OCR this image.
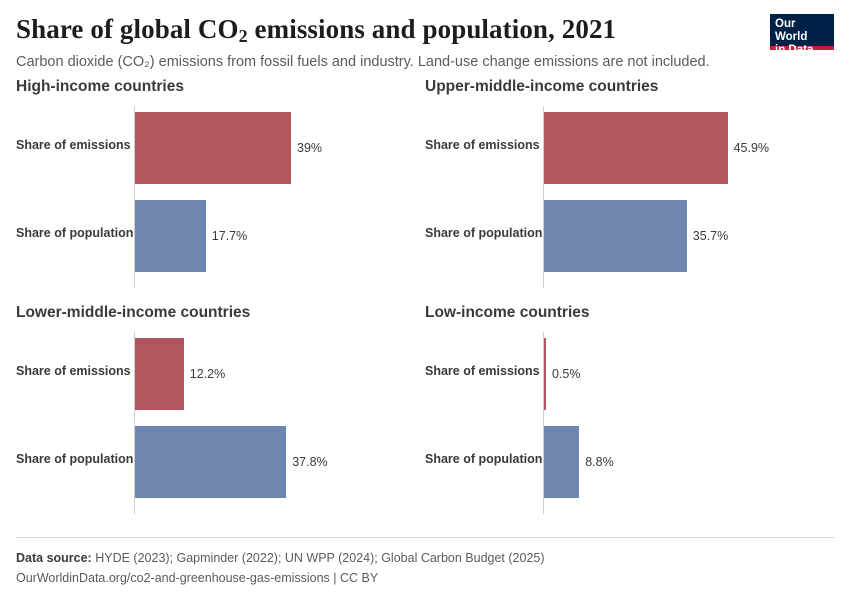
Share of global $CO_2$ emissions and population, 2021
Carbon dioxide (CO₂) emissions from fossil fuels and industry. Land-use change emissions are not included.
Our World
in Data
High-income countries
Share of emissions	39%
Share of population	17.7%
Upper-middle-income countries
Share of emissions	45.9%
Share of population	35.7%
Lower-middle-income countries
Share of emissions	12.2%
Share of population	37.8%
Low-income countries
Share of emissions 0.5%
Share of population	8.8%
Data source: HYDE (2023); Gapminder (2022); UN WPP (2024); Global Carbon Budget (2025)
OurWorldinData.org/co2-and-greenhouse-gas-emissions | CC BY
